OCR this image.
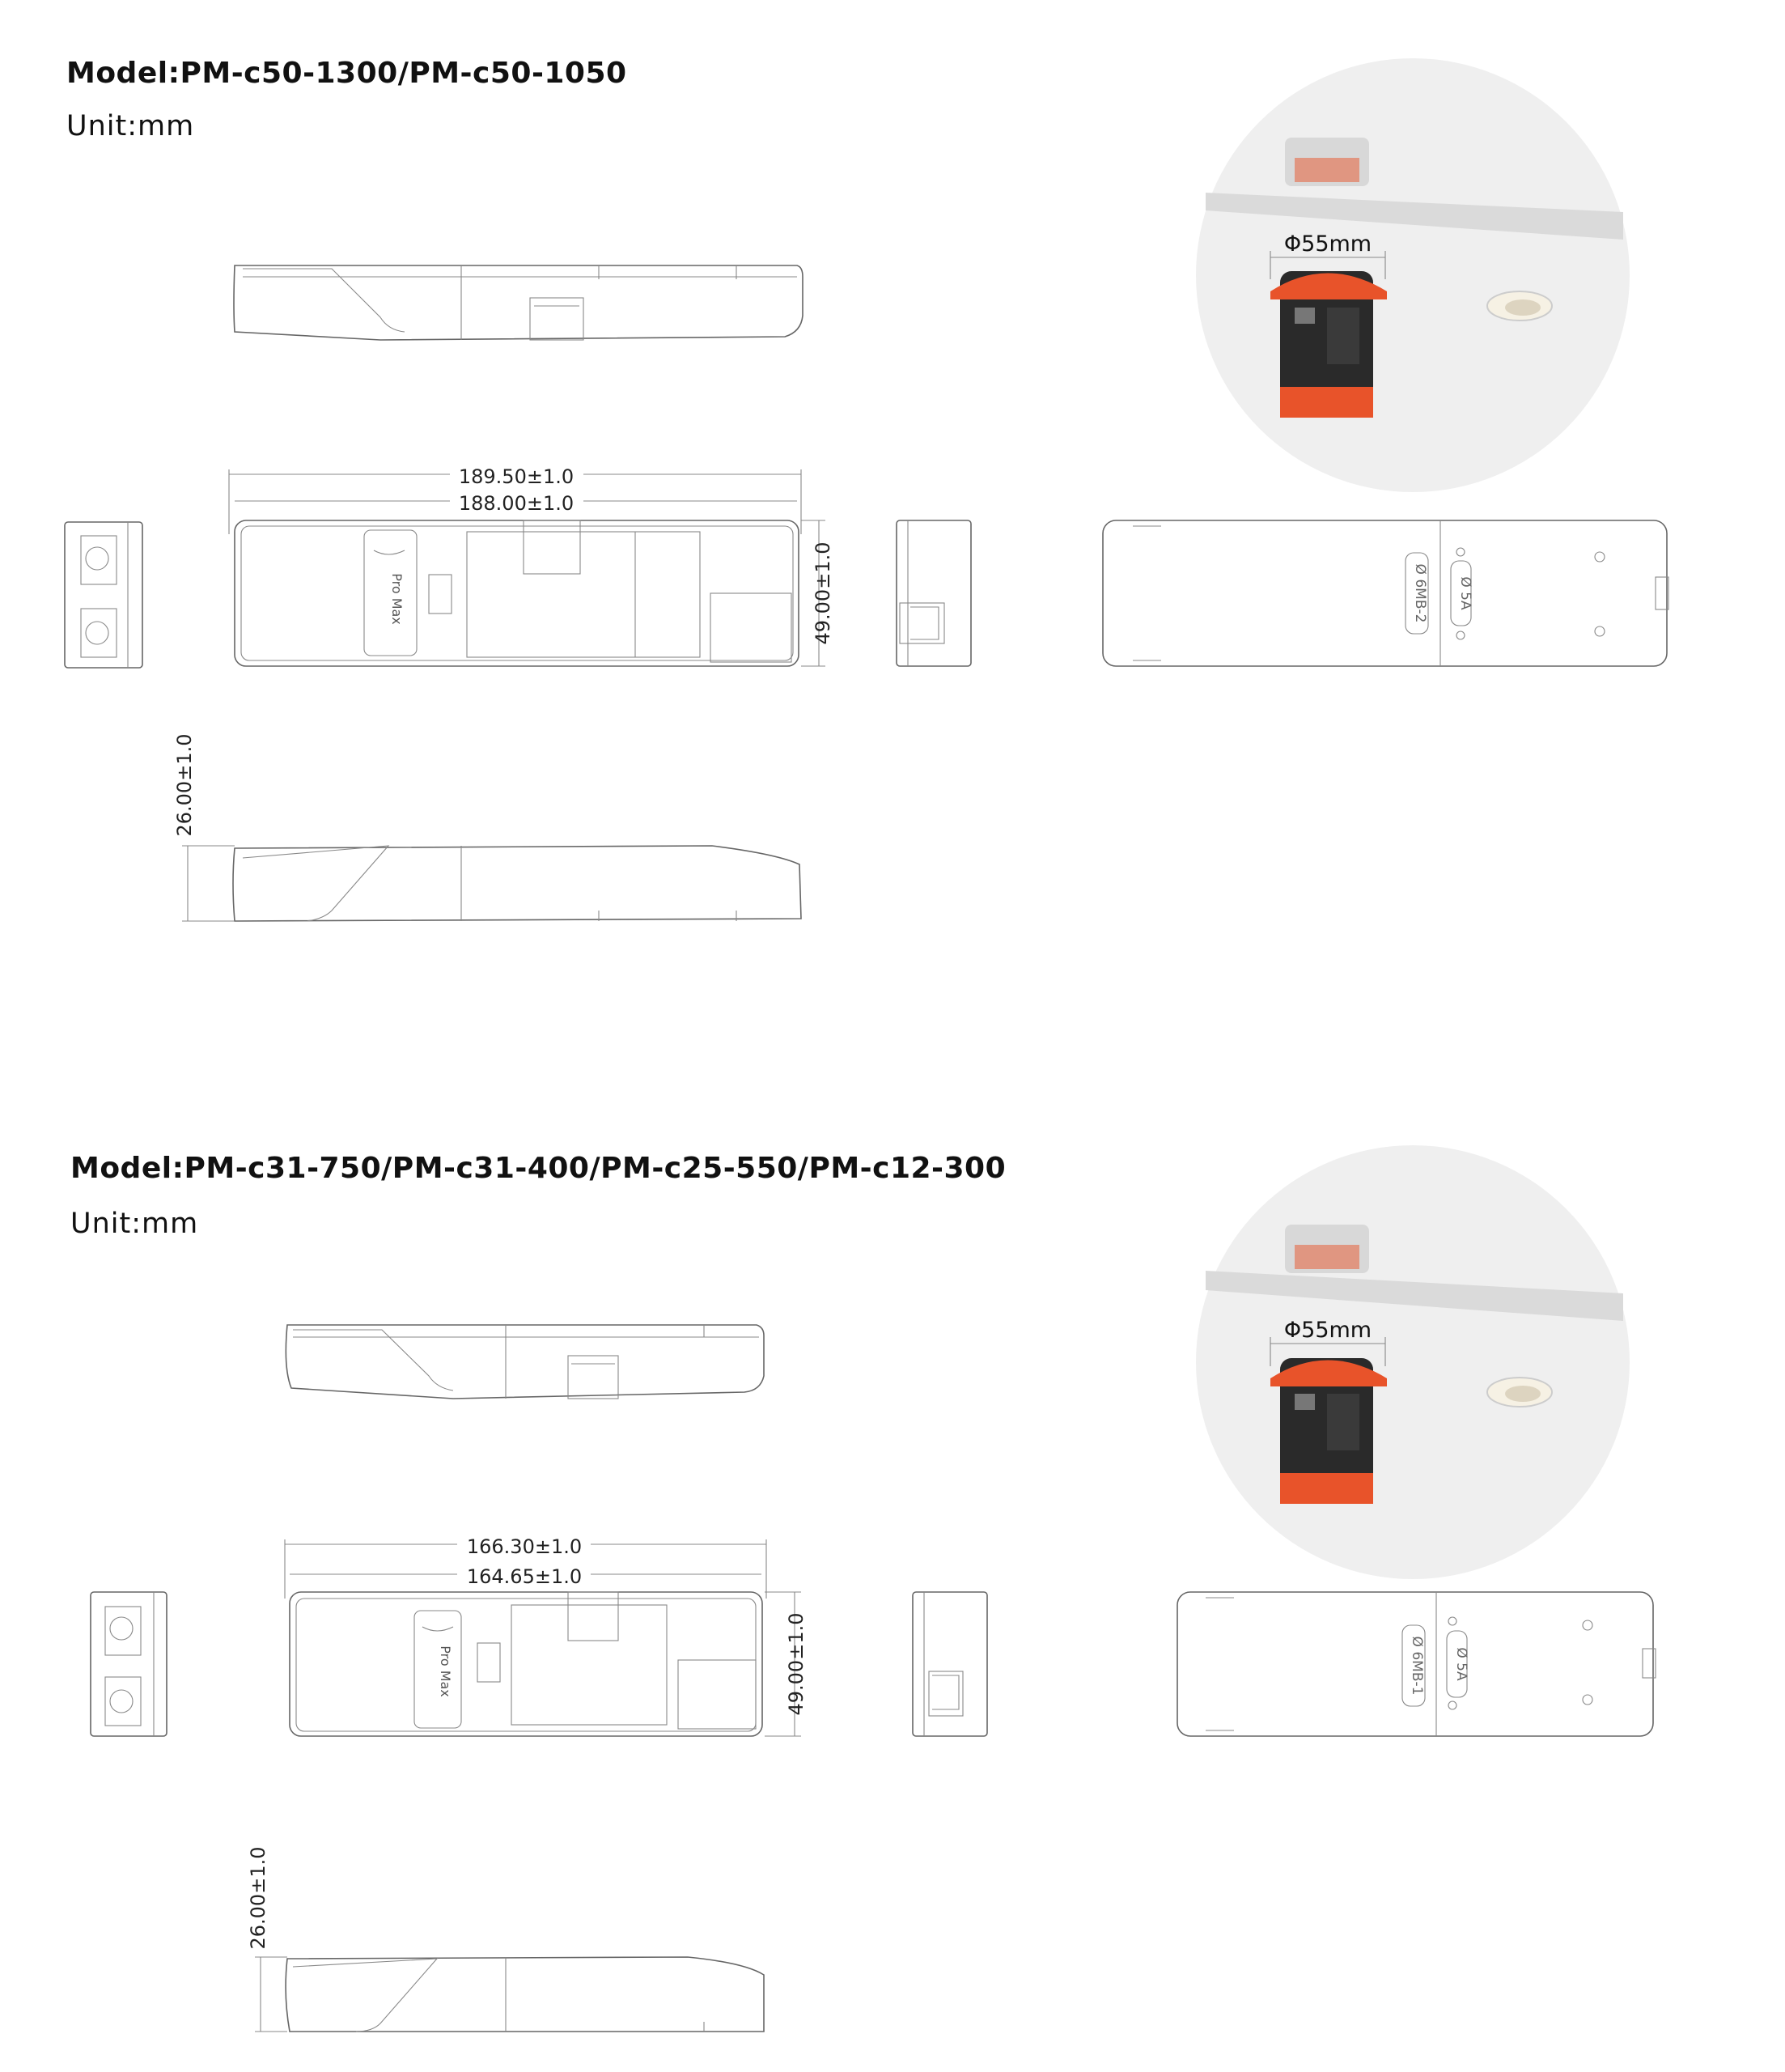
Model:PM-c50-1300/PM-c50-1050
Unit:mm
Model:PM-c31-750/PM-c31-400/PM-c25-550/PM-c12-300
Unit:mm
189.50±1.0
188.00±1.0
Pro Max	49.00±1.0	Ø 6MB-2 Ø 5A
26.00±1.0
Φ55mm
166.30±1.0
164.65±1.0
Pro Max	49.00±1.0	Ø 6MB-1 Ø 5A
26.00±1.0
Φ55mm
